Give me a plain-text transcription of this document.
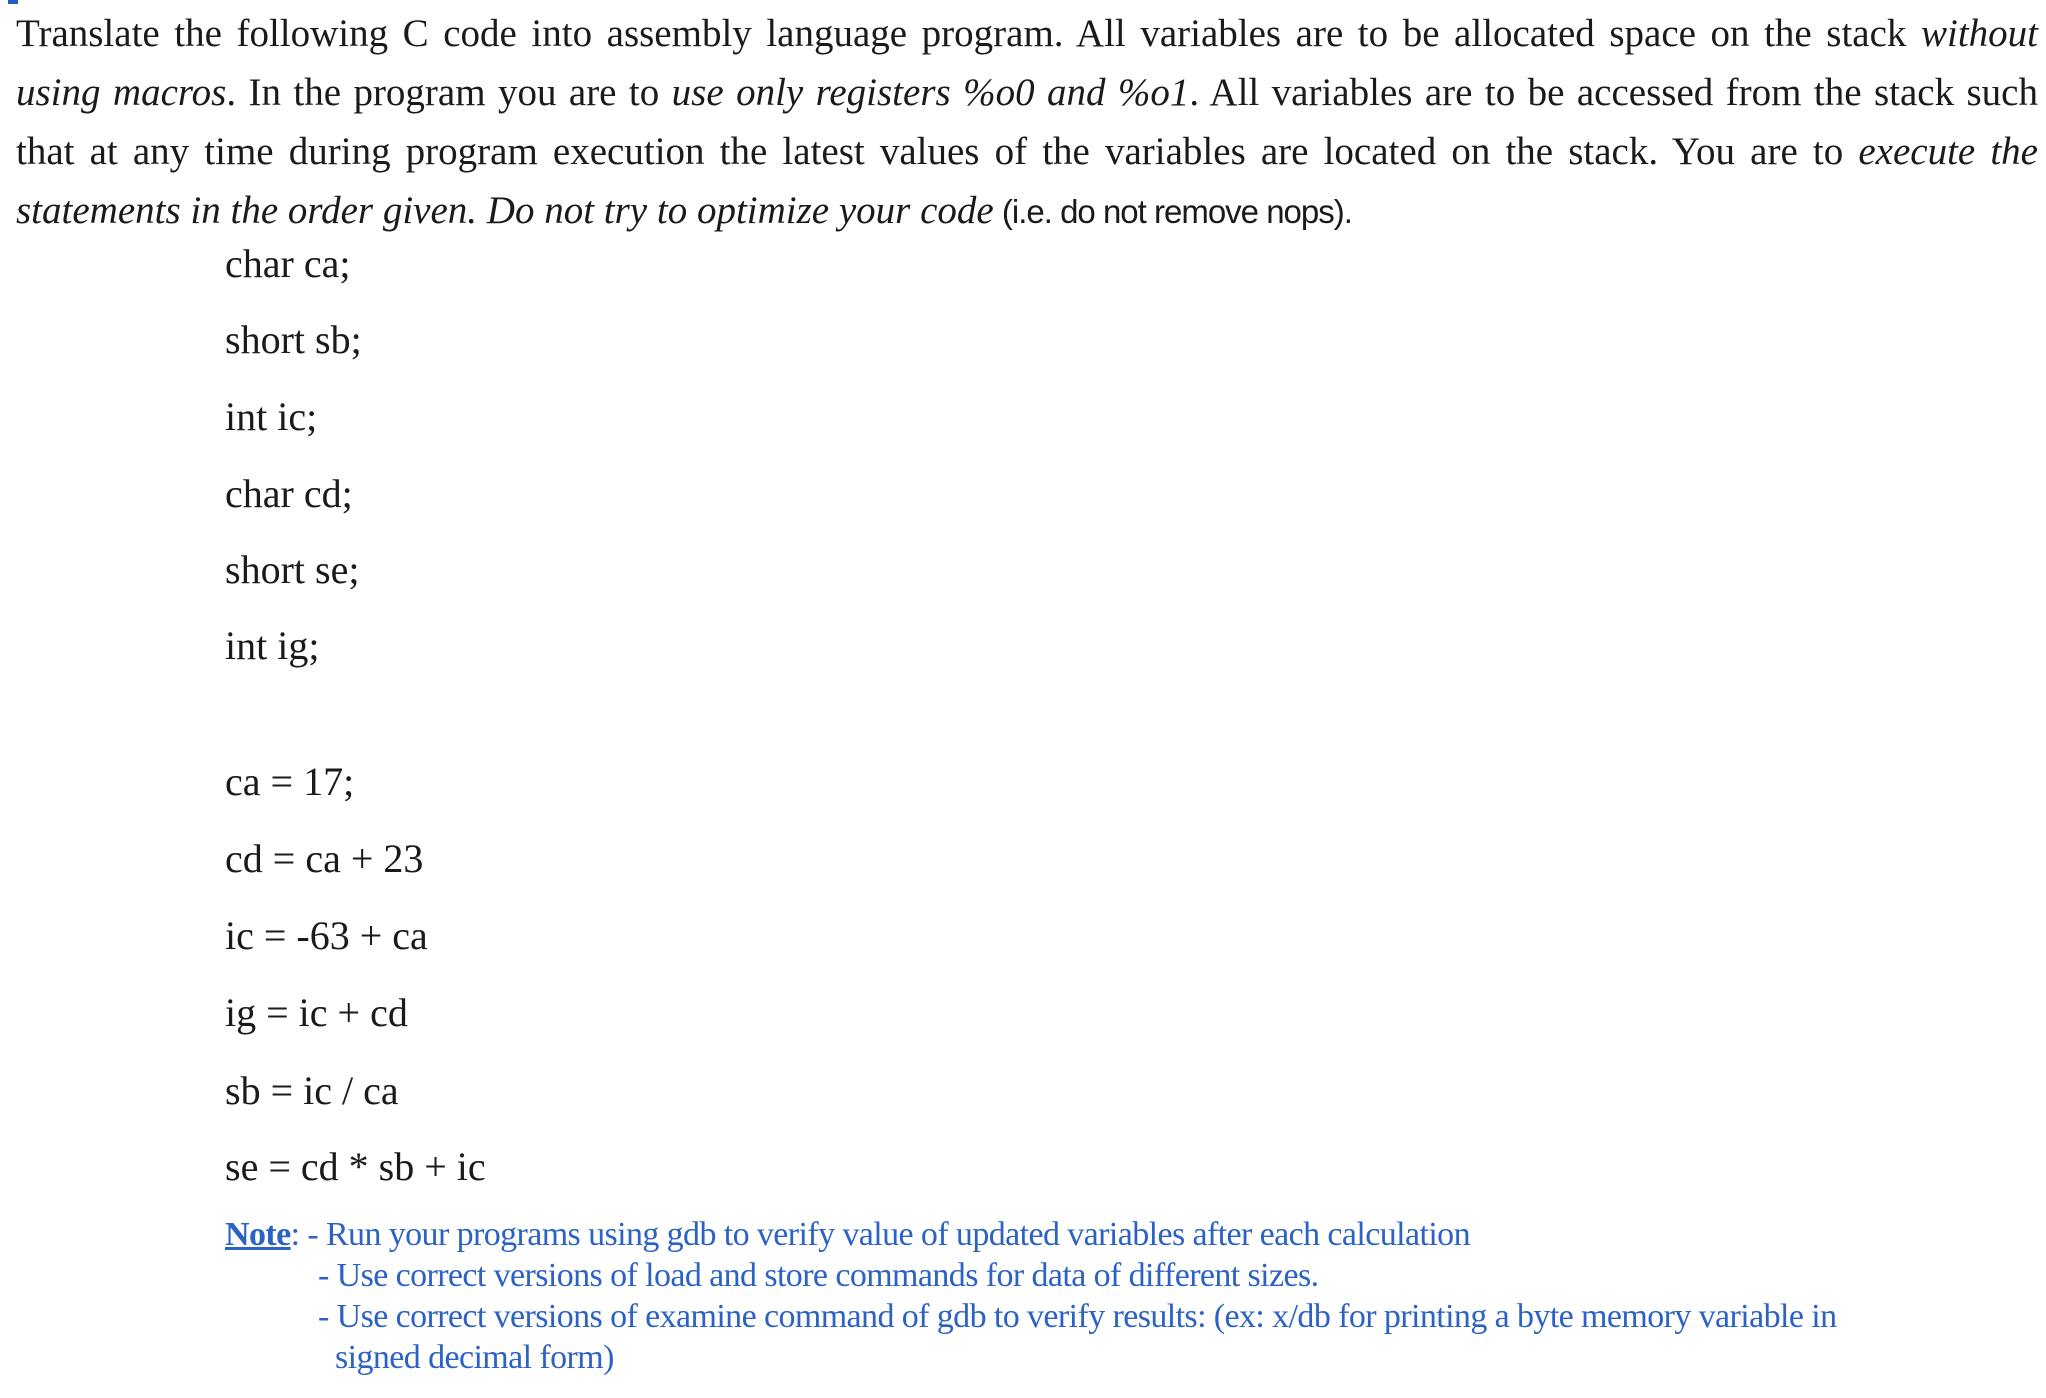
Translate the following C code into assembly language program. All variables are to be allocated space on the stack without using macros. In the program you are to use only registers %o0 and %o1. All variables are to be accessed from the stack such that at any time during program execution the latest values of the variables are located on the stack. You are to execute the statements in the order given. Do not try to optimize your code (i.e. do not remove nops).

char ca;

short sb;

int ic;

char cd;

short se;

int ig;

ca = 17;

cd = ca + 23

ic = -63 + ca

ig = ic + cd

sb = ic / ca

se = cd * sb + ic

Note: - Run your programs using gdb to verify value of updated variables after each calculation
- Use correct versions of load and store commands for data of different sizes.
- Use correct versions of examine command of gdb to verify results: (ex: x/db for printing a byte memory variable in
signed decimal form)
